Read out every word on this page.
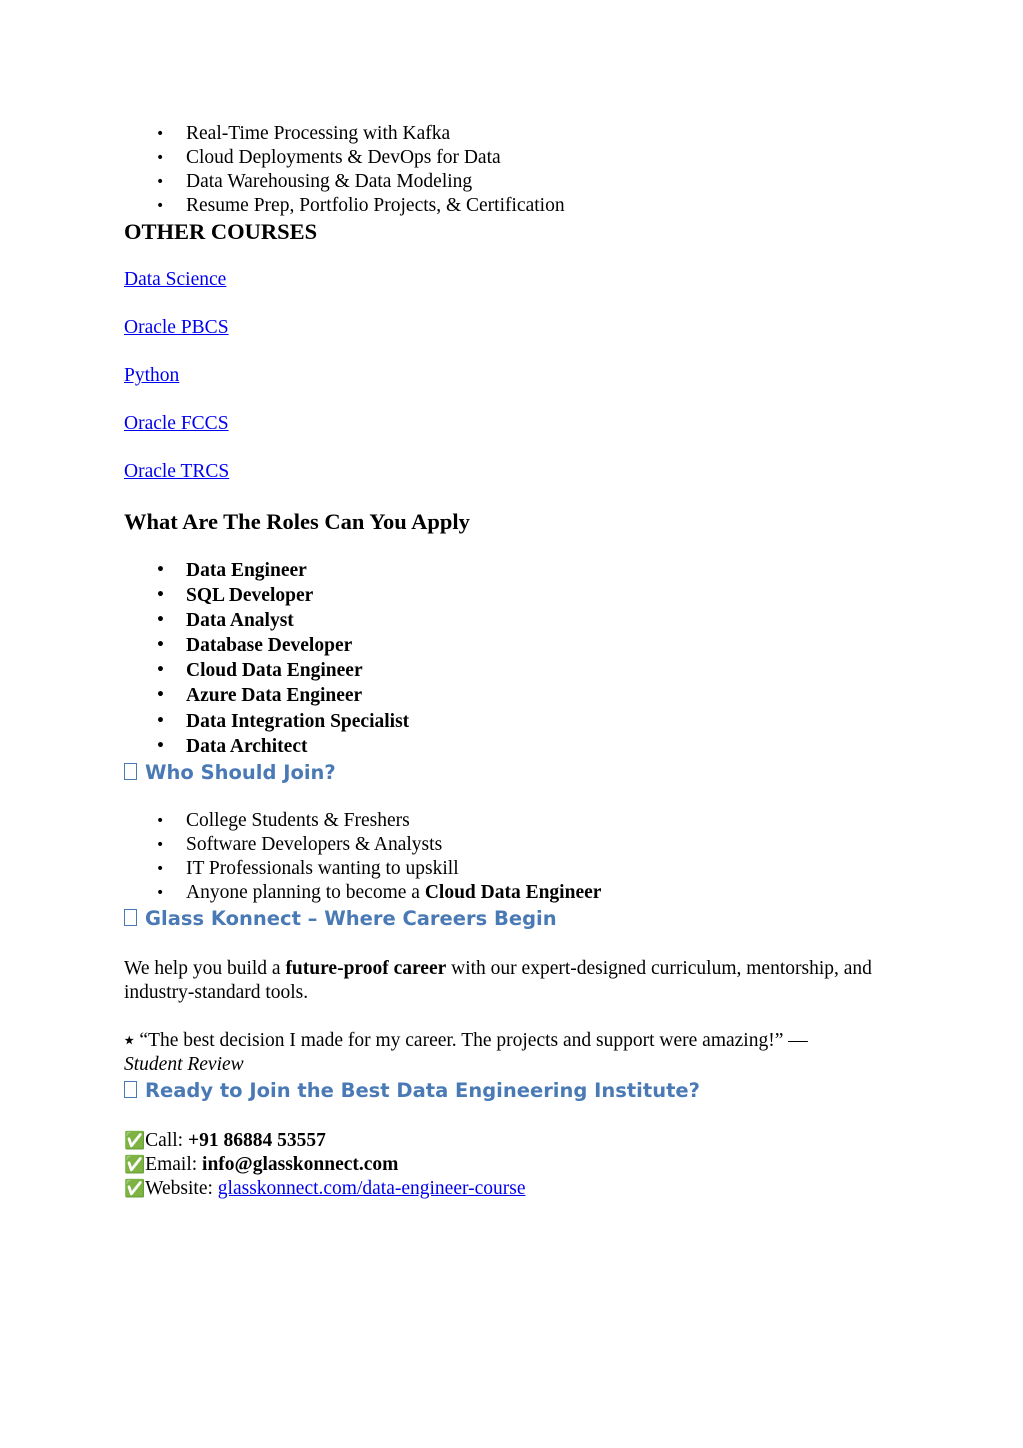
• Real-Time Processing with Kafka
• Cloud Deployments & DevOps for Data
• Data Warehousing & Data Modeling
• Resume Prep, Portfolio Projects, & Certification
OTHER COURSES
Data Science
Oracle PBCS
Python
Oracle FCCS
Oracle TRCS
What Are The Roles Can You Apply
• Data Engineer
• SQL Developer
• Data Analyst
• Database Developer
• Cloud Data Engineer
• Azure Data Engineer
• Data Integration Specialist
• Data Architect
Who Should Join?
• College Students & Freshers
• Software Developers & Analysts
• IT Professionals wanting to upskill
• Anyone planning to become a Cloud Data Engineer
Glass Konnect – Where Careers Begin

We help you build a future-proof career with our expert-designed curriculum, mentorship, and industry-standard tools.

⭑ “The best decision I made for my career. The projects and support were amazing!” —
Student Review

Ready to Join the Best Data Engineering Institute?
✅Call: +91 86884 53557
✅Email: info@glasskonnect.com
✅Website: glasskonnect.com/data-engineer-course
